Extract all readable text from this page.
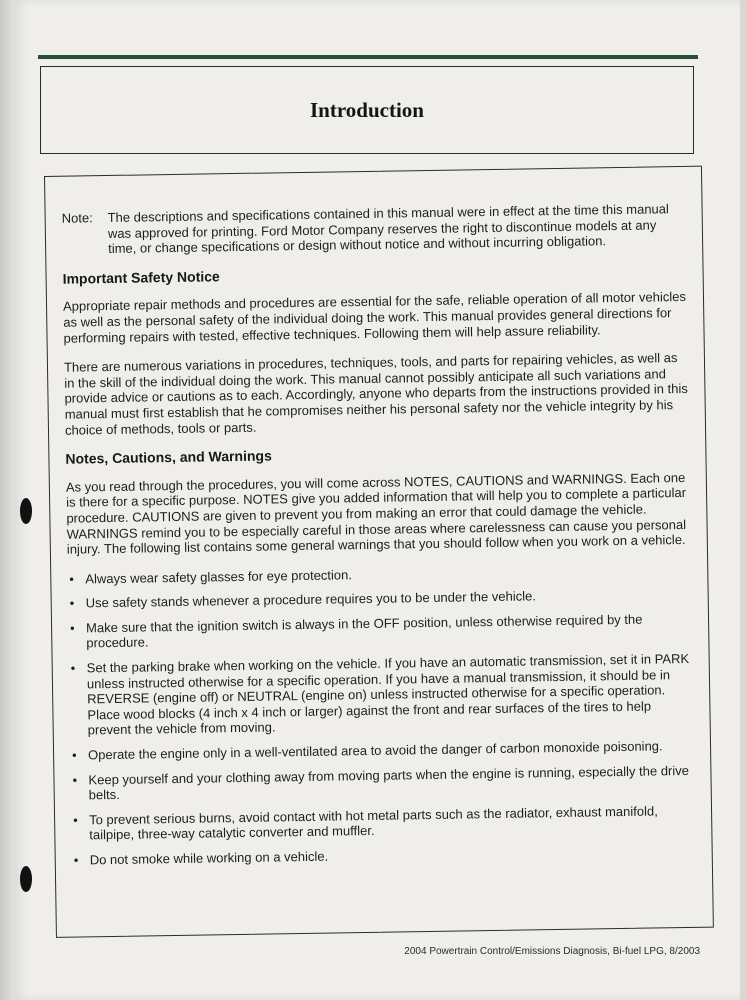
Introduction
Note:	The descriptions and specifications contained in this manual were in effect at the time this manual was approved for printing. Ford Motor Company reserves the right to discontinue models at any time, or change specifications or design without notice and without incurring obligation.
Important Safety Notice

Appropriate repair methods and procedures are essential for the safe, reliable operation of all motor vehicles as well as the personal safety of the individual doing the work. This manual provides general directions for performing repairs with tested, effective techniques. Following them will help assure reliability.

There are numerous variations in procedures, techniques, tools, and parts for repairing vehicles, as well as in the skill of the individual doing the work. This manual cannot possibly anticipate all such variations and provide advice or cautions as to each. Accordingly, anyone who departs from the instructions provided in this manual must first establish that he compromises neither his personal safety nor the vehicle integrity by his choice of methods, tools or parts.

Notes, Cautions, and Warnings

As you read through the procedures, you will come across NOTES, CAUTIONS and WARNINGS. Each one is there for a specific purpose. NOTES give you added information that will help you to complete a particular procedure. CAUTIONS are given to prevent you from making an error that could damage the vehicle. WARNINGS remind you to be especially careful in those areas where carelessness can cause you personal injury. The following list contains some general warnings that you should follow when you work on a vehicle.

• Always wear safety glasses for eye protection.
• Use safety stands whenever a procedure requires you to be under the vehicle.
• Make sure that the ignition switch is always in the OFF position, unless otherwise required by the procedure.
• Set the parking brake when working on the vehicle. If you have an automatic transmission, set it in PARK unless instructed otherwise for a specific operation. If you have a manual transmission, it should be in REVERSE (engine off) or NEUTRAL (engine on) unless instructed otherwise for a specific operation. Place wood blocks (4 inch x 4 inch or larger) against the front and rear surfaces of the tires to help prevent the vehicle from moving.
• Operate the engine only in a well-ventilated area to avoid the danger of carbon monoxide poisoning.
• Keep yourself and your clothing away from moving parts when the engine is running, especially the drive belts.
• To prevent serious burns, avoid contact with hot metal parts such as the radiator, exhaust manifold, tailpipe, three-way catalytic converter and muffler.
• Do not smoke while working on a vehicle.
2004 Powertrain Control/Emissions Diagnosis, Bi-fuel LPG, 8/2003
